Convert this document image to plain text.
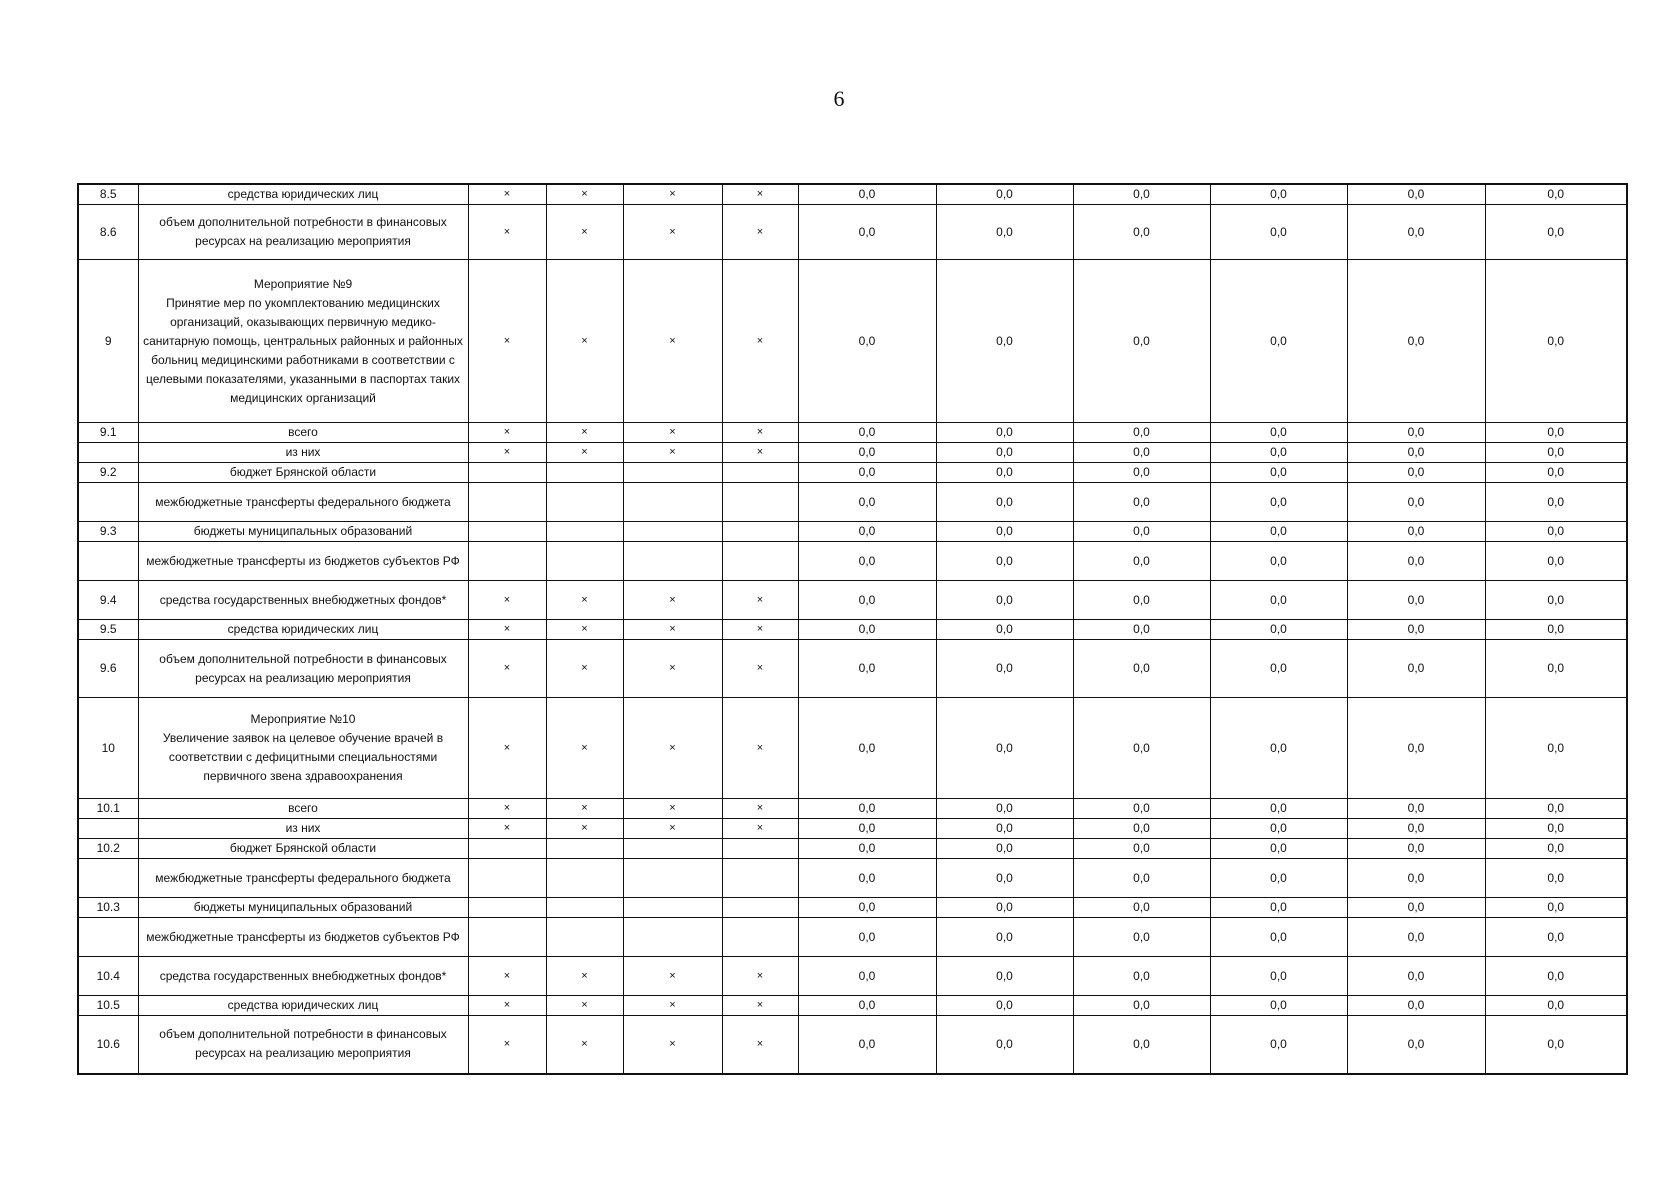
6
8.5	средства юридических лиц	×	×	×	×	0,0	0,0	0,0	0,0	0,0	0,0
8.6	объем дополнительной потребности в финансовых ресурсах на реализацию мероприятия	×	×	×	×	0,0	0,0	0,0	0,0	0,0	0,0
9	Мероприятие №9
Принятие мер по укомплектованию медицинских организаций, оказывающих первичную медико-санитарную помощь, центральных районных и районных больниц медицинскими работниками в соответствии с целевыми показателями, указанными в паспортах таких медицинских организаций	×	×	×	×	0,0	0,0	0,0	0,0	0,0	0,0
9.1	всего	×	×	×	×	0,0	0,0	0,0	0,0	0,0	0,0
	из них	×	×	×	×	0,0	0,0	0,0	0,0	0,0	0,0
9.2	бюджет Брянской области					0,0	0,0	0,0	0,0	0,0	0,0
	межбюджетные трансферты федерального бюджета					0,0	0,0	0,0	0,0	0,0	0,0
9.3	бюджеты муниципальных образований					0,0	0,0	0,0	0,0	0,0	0,0
	межбюджетные трансферты из бюджетов субъектов РФ					0,0	0,0	0,0	0,0	0,0	0,0
9.4	средства государственных внебюджетных фондов*	×	×	×	×	0,0	0,0	0,0	0,0	0,0	0,0
9.5	средства юридических лиц	×	×	×	×	0,0	0,0	0,0	0,0	0,0	0,0
9.6	объем дополнительной потребности в финансовых ресурсах на реализацию мероприятия	×	×	×	×	0,0	0,0	0,0	0,0	0,0	0,0
10	Мероприятие №10
Увеличение заявок на целевое обучение врачей в соответствии с дефицитными специальностями первичного звена здравоохранения	×	×	×	×	0,0	0,0	0,0	0,0	0,0	0,0
10.1	всего	×	×	×	×	0,0	0,0	0,0	0,0	0,0	0,0
	из них	×	×	×	×	0,0	0,0	0,0	0,0	0,0	0,0
10.2	бюджет Брянской области					0,0	0,0	0,0	0,0	0,0	0,0
	межбюджетные трансферты федерального бюджета					0,0	0,0	0,0	0,0	0,0	0,0
10.3	бюджеты муниципальных образований					0,0	0,0	0,0	0,0	0,0	0,0
	межбюджетные трансферты из бюджетов субъектов РФ					0,0	0,0	0,0	0,0	0,0	0,0
10.4	средства государственных внебюджетных фондов*	×	×	×	×	0,0	0,0	0,0	0,0	0,0	0,0
10.5	средства юридических лиц	×	×	×	×	0,0	0,0	0,0	0,0	0,0	0,0
10.6	объем дополнительной потребности в финансовых ресурсах на реализацию мероприятия	×	×	×	×	0,0	0,0	0,0	0,0	0,0	0,0
